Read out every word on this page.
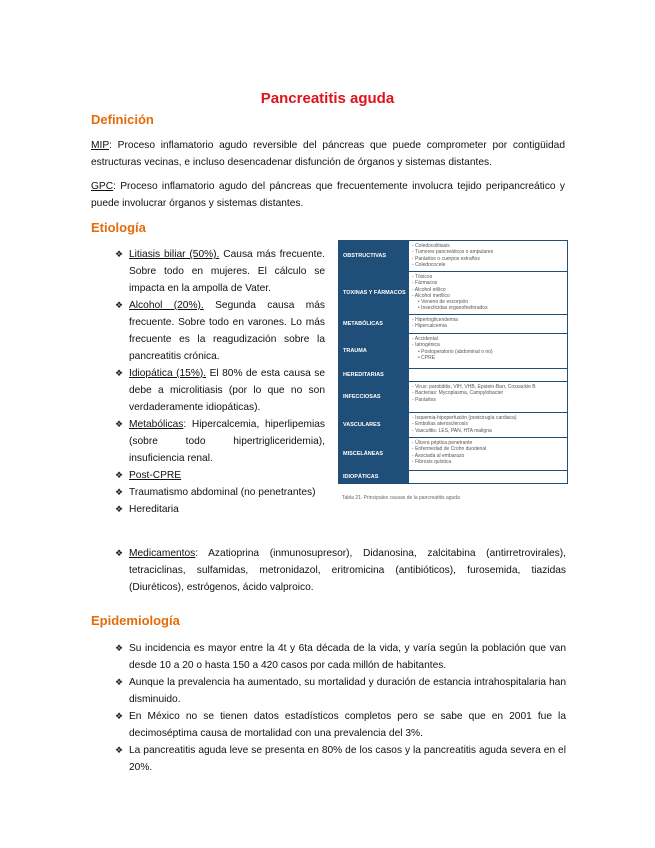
Pancreatitis aguda
Definición
MIP: Proceso inflamatorio agudo reversible del páncreas que puede comprometer por contigüidad estructuras vecinas, e incluso desencadenar disfunción de órganos y sistemas distantes.
GPC: Proceso inflamatorio agudo del páncreas que frecuentemente involucra tejido peripancreático y puede involucrar órganos y sistemas distantes.
Etiología
❖ Litiasis biliar (50%). Causa más frecuente. Sobre todo en mujeres. El cálculo se impacta en la ampolla de Vater.
❖ Alcohol (20%). Segunda causa más frecuente. Sobre todo en varones. Lo más frecuente es la reagudización sobre la pancreatitis crónica.
❖ Idiopática (15%). El 80% de esta causa se debe a microlitiasis (por lo que no son verdaderamente idiopáticas).
❖ Metabólicas: Hipercalcemia, hiperlipemias (sobre todo hipertrigliceridemia), insuficiencia renal.
❖ Post-CPRE
❖ Traumatismo abdominal (no penetrantes)
❖ Hereditaria
❖ Medicamentos: Azatioprina (inmunosupresor), Didanosina, zalcitabina (antirretrovirales), tetraciclinas, sulfamidas, metronidazol, eritromicina (antibióticos), furosemida, tiazidas (Diuréticos), estrógenos, ácido valproico.
OBSTRUCTIVAS
- Coledocolitiasis
- Tumores pancreáticos o ampulares
- Parásitos o cuerpos extraños
- Coledococele
TOXINAS Y FÁRMACOS
- Tóxicos
- Fármacos
- Alcohol etílico
- Alcohol metílico
• Veneno de escorpión
• Insecticidas organofosforados
METABÓLICAS
- Hipertrigliceridemia
- Hipercalcemia
TRAUMA
- Accidental
- Iatrogénica
• Postoperatorio (abdominal o no)
• CPRE
HEREDITARIAS
INFECCIOSAS
- Virus: parotiditis, VIH, VHB, Epstein-Barr, Coxsackie B
- Bacterias: Mycoplasma, Campylobacter
- Parásitos
VASCULARES
- Isquemia-hipoperfusión (postcirugía cardiaca)
- Embolias aterosclerosis
- Vasculitis: LES, PAN, HTA maligna
MISCELÁNEAS
- Úlcera péptica penetrante
- Enfermedad de Crohn duodenal
- Asociada al embarazo
- Fibrosis quística
IDIOPÁTICAS
Tabla 21. Principales causas de la pancreatitis aguda
Epidemiología
❖ Su incidencia es mayor entre la 4t y 6ta década de la vida, y varía según la población que van desde 10 a 20 o hasta 150 a 420 casos por cada millón de habitantes.
❖ Aunque la prevalencia ha aumentado, su mortalidad y duración de estancia intrahospitalaria han disminuido.
❖ En México no se tienen datos estadísticos completos pero se sabe que en 2001 fue la decimoséptima causa de mortalidad con una prevalencia del 3%.
❖ La pancreatitis aguda leve se presenta en 80% de los casos y la pancreatitis aguda severa en el 20%.
